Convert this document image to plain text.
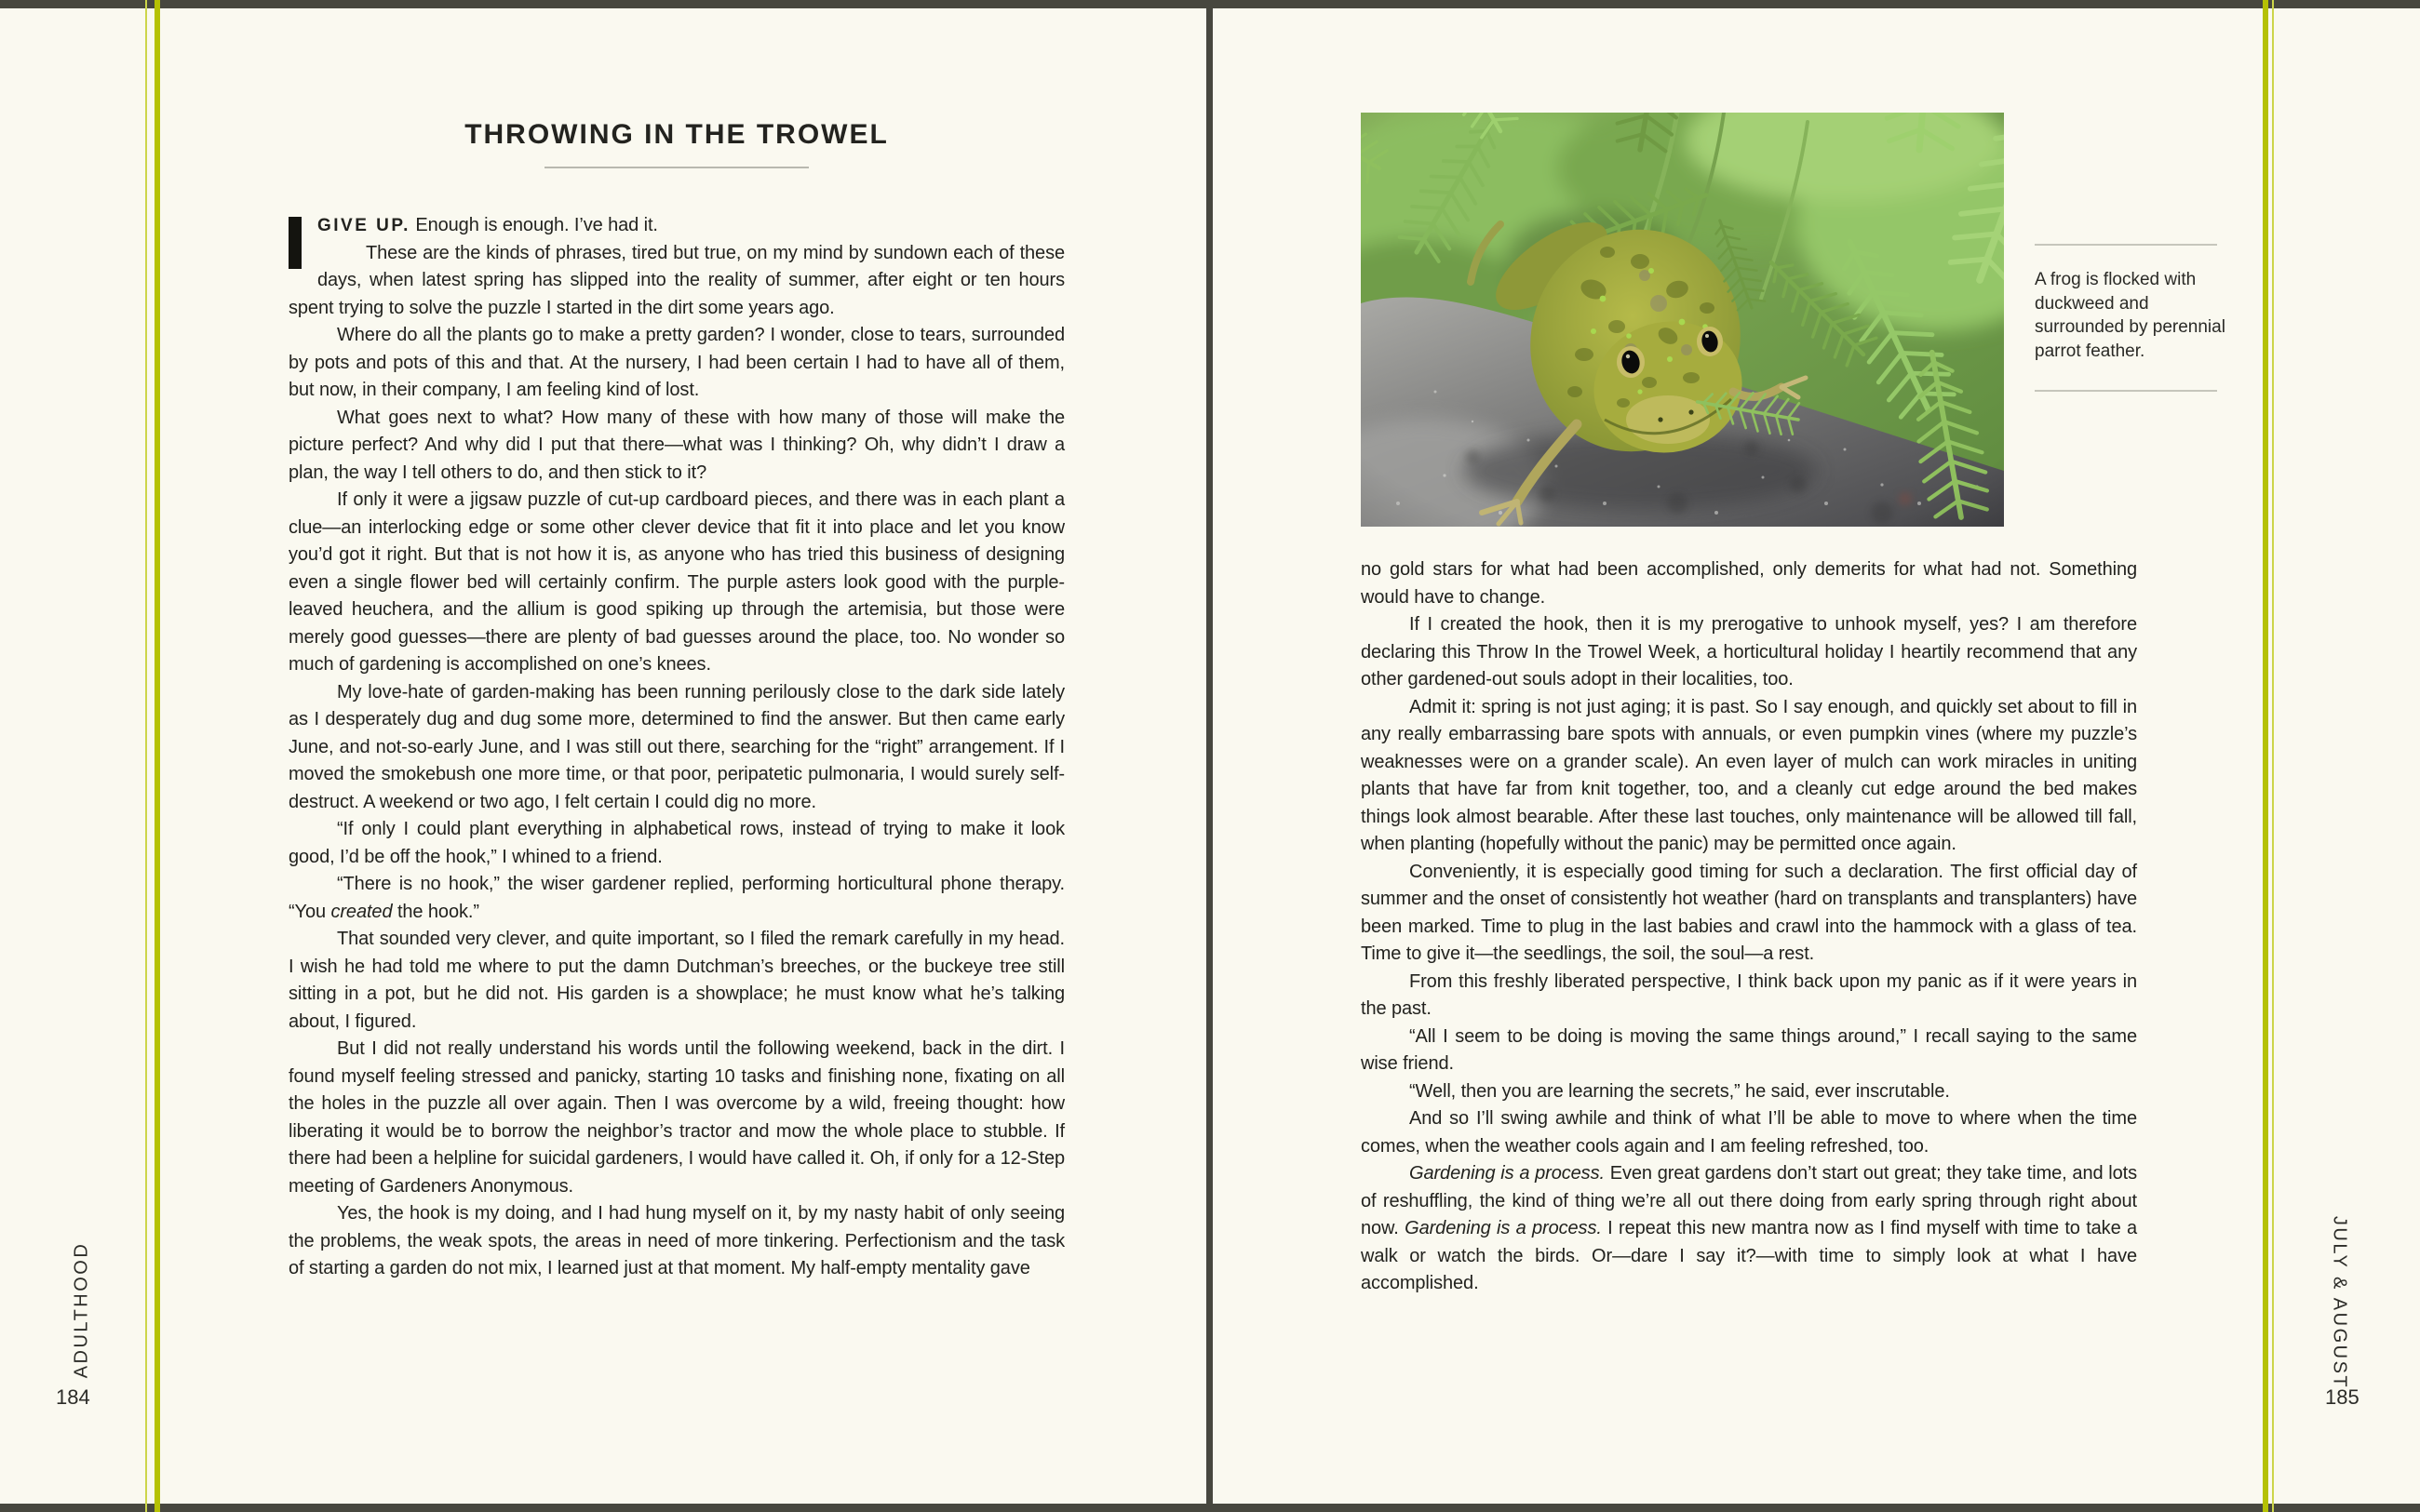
THROWING IN THE TROWEL

GIVE UP. Enough is enough. I’ve had it.

These are the kinds of phrases, tired but true, on my mind by sundown each of these days, when latest spring has slipped into the reality of summer, after eight or ten hours spent trying to solve the puzzle I started in the dirt some years ago.

Where do all the plants go to make a pretty garden? I wonder, close to tears, surrounded by pots and pots of this and that. At the nursery, I had been certain I had to have all of them, but now, in their company, I am feeling kind of lost.

What goes next to what? How many of these with how many of those will make the picture perfect? And why did I put that there—what was I thinking? Oh, why didn’t I draw a plan, the way I tell others to do, and then stick to it?

If only it were a jigsaw puzzle of cut-up cardboard pieces, and there was in each plant a clue—an interlocking edge or some other clever device that fit it into place and let you know you’d got it right. But that is not how it is, as anyone who has tried this business of designing even a single flower bed will certainly confirm. The purple asters look good with the purple-leaved heuchera, and the allium is good spiking up through the artemisia, but those were merely good guesses—there are plenty of bad guesses around the place, too. No wonder so much of gardening is accomplished on one’s knees.

My love-hate of garden-making has been running perilously close to the dark side lately as I desperately dug and dug some more, determined to find the answer. But then came early June, and not-so-early June, and I was still out there, searching for the “right” arrangement. If I moved the smokebush one more time, or that poor, peripatetic pulmonaria, I would surely self-destruct. A weekend or two ago, I felt certain I could dig no more.

“If only I could plant everything in alphabetical rows, instead of trying to make it look good, I’d be off the hook,” I whined to a friend.

“There is no hook,” the wiser gardener replied, performing horticultural phone therapy. “You created the hook.”

That sounded very clever, and quite important, so I filed the remark carefully in my head. I wish he had told me where to put the damn Dutchman’s breeches, or the buckeye tree still sitting in a pot, but he did not. His garden is a showplace; he must know what he’s talking about, I figured.

But I did not really understand his words until the following weekend, back in the dirt. I found myself feeling stressed and panicky, starting 10 tasks and finishing none, fixating on all the holes in the puzzle all over again. Then I was overcome by a wild, freeing thought: how liberating it would be to borrow the neighbor’s tractor and mow the whole place to stubble. If there had been a helpline for suicidal gardeners, I would have called it. Oh, if only for a 12-Step meeting of Gardeners Anonymous.

Yes, the hook is my doing, and I had hung myself on it, by my nasty habit of only seeing the problems, the weak spots, the areas in need of more tinkering. Perfectionism and the task of starting a garden do not mix, I learned just at that moment. My half-empty mentality gave

ADULTHOOD
184
A frog is flocked with duckweed and surrounded by perennial parrot feather.

no gold stars for what had been accomplished, only demerits for what had not. Something would have to change.

If I created the hook, then it is my prerogative to unhook myself, yes? I am therefore declaring this Throw In the Trowel Week, a horticultural holiday I heartily recommend that any other gardened-out souls adopt in their localities, too.

Admit it: spring is not just aging; it is past. So I say enough, and quickly set about to fill in any really embarrassing bare spots with annuals, or even pumpkin vines (where my puzzle’s weaknesses were on a grander scale). An even layer of mulch can work miracles in uniting plants that have far from knit together, too, and a cleanly cut edge around the bed makes things look almost bearable. After these last touches, only maintenance will be allowed till fall, when planting (hopefully without the panic) may be permitted once again.

Conveniently, it is especially good timing for such a declaration. The first official day of summer and the onset of consistently hot weather (hard on transplants and transplanters) have been marked. Time to plug in the last babies and crawl into the hammock with a glass of tea. Time to give it—the seedlings, the soil, the soul—a rest.

From this freshly liberated perspective, I think back upon my panic as if it were years in the past.

“All I seem to be doing is moving the same things around,” I recall saying to the same wise friend.

“Well, then you are learning the secrets,” he said, ever inscrutable.

And so I’ll swing awhile and think of what I’ll be able to move to where when the time comes, when the weather cools again and I am feeling refreshed, too.

Gardening is a process. Even great gardens don’t start out great; they take time, and lots of reshuffling, the kind of thing we’re all out there doing from early spring through right about now. Gardening is a process. I repeat this new mantra now as I find myself with time to take a walk or watch the birds. Or—dare I say it?—with time to simply look at what I have accomplished.	JULY & AUGUST
185
